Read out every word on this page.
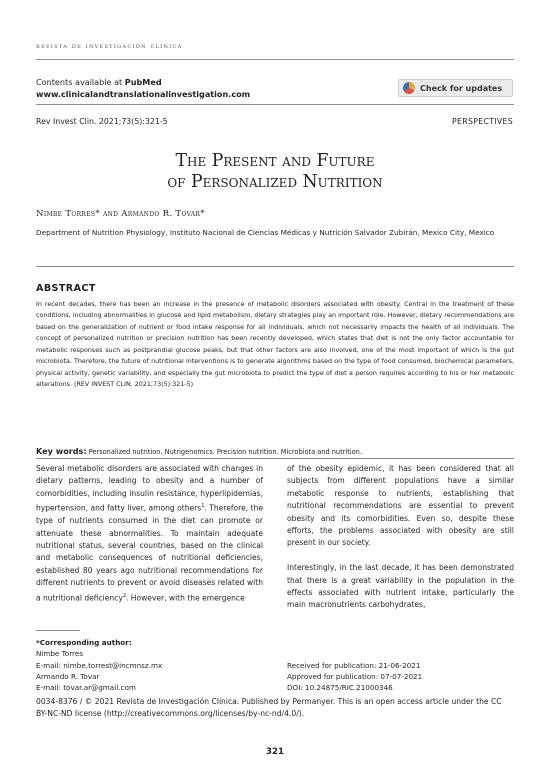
revista de investigación clínica
Contents available at PubMed
www.clinicalandtranslationalinvestigation.com
Check for updates
Rev Invest Clin. 2021;73(5):321-5	PERSPECTIVES
The Present and Future
of Personalized Nutrition
Nimbe Torres* and Armando R. Tovar*
Department of Nutrition Physiology, Instituto Nacional de Ciencias Médicas y Nutrición Salvador Zubirán, Mexico City, Mexico
ABSTRACT
In recent decades, there has been an increase in the presence of metabolic disorders associated with obesity. Central in the treatment of these conditions, including abnormalities in glucose and lipid metabolism, dietary strategies play an important role. However, dietary recommendations are based on the generalization of nutrient or food intake response for all individuals, which not necessarily impacts the health of all individuals. The concept of personalized nutrition or precision nutrition has been recently developed, which states that diet is not the only factor accountable for metabolic responses such as postprandial glucose peaks, but that other factors are also involved, one of the most important of which is the gut microbiota. Therefore, the future of nutritional interventions is to generate algorithms based on the type of food consumed, biochemical parameters, physical activity, genetic variability, and especially the gut microbiota to predict the type of diet a person requires according to his or her metabolic alterations. (REV INVEST CLIN. 2021;73(5):321-5)
Key words: Personalized nutrition. Nutrigenomics. Precision nutrition. Microbiota and nutrition.

Several metabolic disorders are associated with changes in dietary patterns, leading to obesity and a number of comorbidities, including insulin resistance, hyperlipidemias, hypertension, and fatty liver, among others$^1$. Therefore, the type of nutrients consumed in the diet can promote or attenuate these abnormalities. To maintain adequate nutritional status, several countries, based on the clinical and metabolic consequences of nutritional deficiencies, established 80 years ago nutritional recommendations for different nutrients to prevent or avoid diseases related with a nutritional deficiency$^2$. However, with the emergence

of the obesity epidemic, it has been considered that all subjects from different populations have a similar metabolic response to nutrients, establishing that nutritional recommendations are essential to prevent obesity and its comorbidities. Even so, despite these efforts, the problems associated with obesity are still present in our society.

Interestingly, in the last decade, it has been demonstrated that there is a great variability in the population in the effects associated with nutrient intake, particularly the main macronutrients carbohydrates,

*Corresponding author:
Nimbe Torres
E-mail: nimbe.torrest@incmnsz.mx	Received for publication: 21-06-2021
Armando R. Tovar	Approved for publication: 07-07-2021
E-mail: tovar.ar@gmail.com	DOI: 10.24875/RIC.21000346
0034-8376 / © 2021 Revista de Investigación Clínica. Published by Permanyer. This is an open access article under the CC BY-NC-ND license (http://creativecommons.org/licenses/by-nc-nd/4.0/).
321
